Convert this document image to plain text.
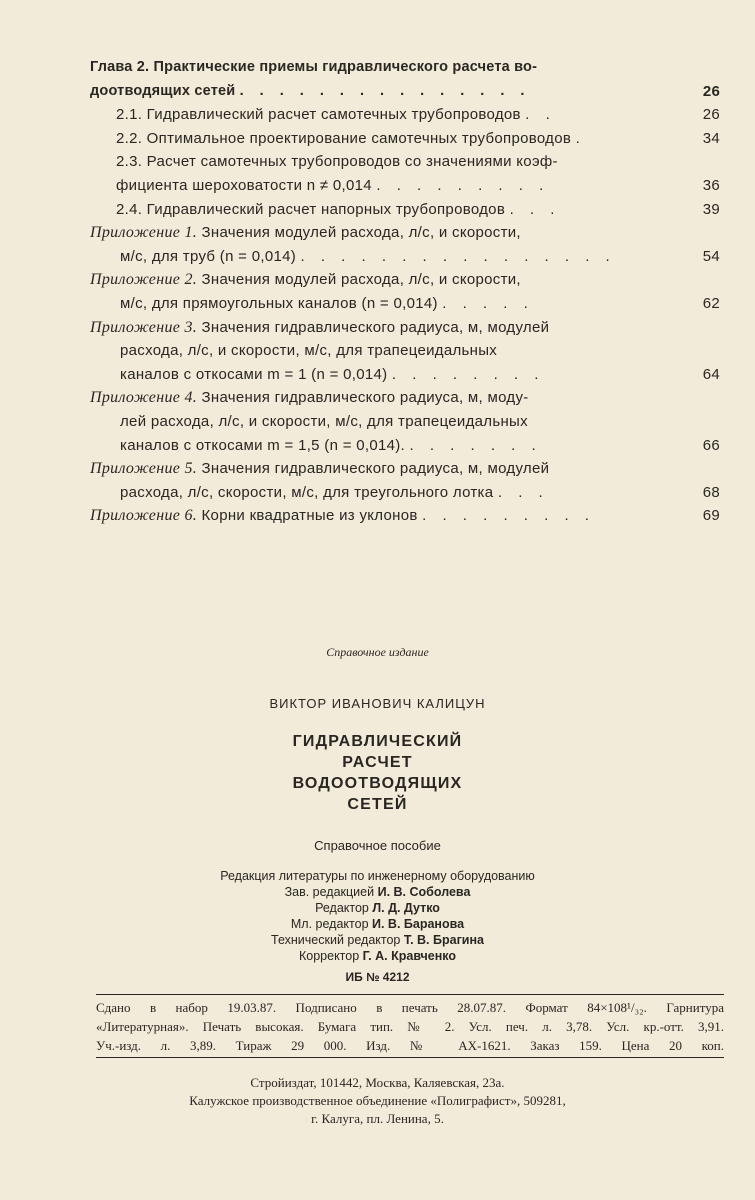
Глава 2. Практические приемы гидравлического расчета во-
доотводящих сетей . . . . . . . . . . . . . . .	26
2.1. Гидравлический расчет самотечных трубопроводов . .	26
2.2. Оптимальное проектирование самотечных трубопроводов .	34
2.3. Расчет самотечных трубопроводов со значениями коэф-
фициента шероховатости n ≠ 0,014 . . . . . . . . .	36
2.4. Гидравлический расчет напорных трубопроводов . . .	39
Приложение 1. Значения модулей расхода, л/с, и скорости,
м/с, для труб (n = 0,014) . . . . . . . . . . . . . . . .	54
Приложение 2. Значения модулей расхода, л/с, и скорости,
м/с, для прямоугольных каналов (n = 0,014) . . . . .	62
Приложение 3. Значения гидравлического радиуса, м, модулей
расхода, л/с, и скорости, м/с, для трапецеидальных
каналов с откосами m = 1 (n = 0,014) . . . . . . . .	64
Приложение 4. Значения гидравлического радиуса, м, моду-
лей расхода, л/с, и скорости, м/с, для трапецеидальных
каналов с откосами m = 1,5 (n = 0,014). . . . . . . .	66
Приложение 5. Значения гидравлического радиуса, м, модулей
расхода, л/с, скорости, м/с, для треугольного лотка . . .	68
Приложение 6. Корни квадратные из уклонов . . . . . . . . .	69
Справочное издание
ВИКТОР ИВАНОВИЧ КАЛИЦУН
ГИДРАВЛИЧЕСКИЙ
РАСЧЕТ
ВОДООТВОДЯЩИХ
СЕТЕЙ
Справочное пособие
Редакция литературы по инженерному оборудованию
Зав. редакцией И. В. Соболева
Редактор Л. Д. Дутко
Мл. редактор И. В. Баранова
Технический редактор Т. В. Брагина
Корректор Г. А. Кравченко
ИБ № 4212
Сдано в набор 19.03.87. Подписано в печать 28.07.87. Формат 84×108¹/₃₂. Гарнитура
«Литературная». Печать высокая. Бумага тип. № 2. Усл. печ. л. 3,78. Усл. кр.-отт. 3,91.
Уч.-изд. л. 3,89. Тираж 29 000. Изд. № АХ-1621. Заказ 159. Цена 20 коп.
Стройиздат, 101442, Москва, Каляевская, 23а.
Калужское производственное объединение «Полиграфист», 509281,
г. Калуга, пл. Ленина, 5.
